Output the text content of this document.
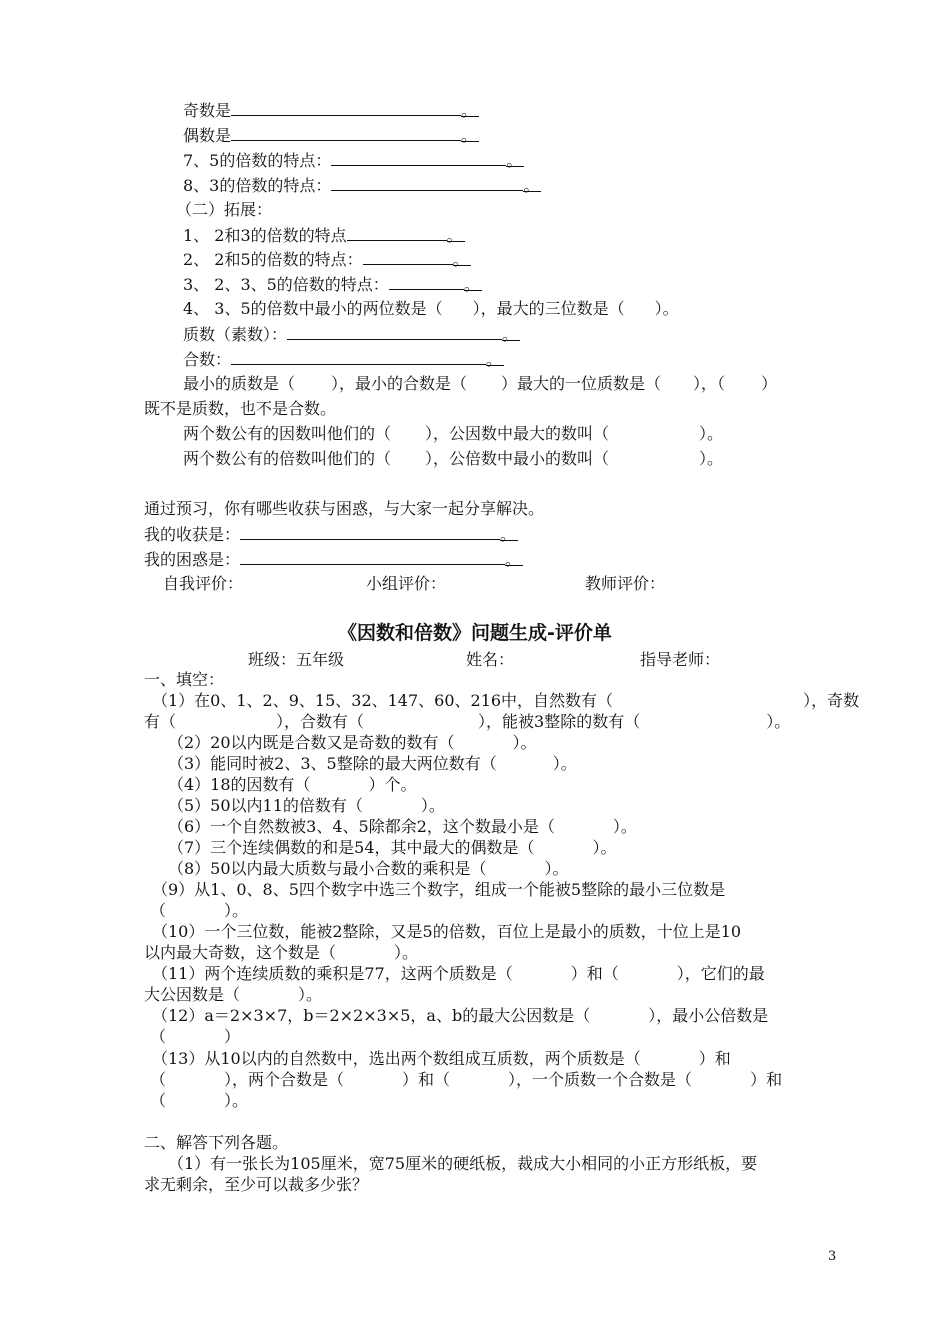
奇数是	。
偶数是	。
7、5的倍数的特点：	。
8、3的倍数的特点：	。
（二）拓展：
1、 2和3的倍数的特点	。
2、 2和5的倍数的特点：	。
3、 2、3、5的倍数的特点：	。
4、 3、5的倍数中最小的两位数是（ ），最大的三位数是（ ）。
质数（素数）：	。
合数：	。
最小的质数是（ ），最小的合数是（ ）最大的一位质数是（ ），（ ）
既不是质数，也不是合数。
两个数公有的因数叫他们的（ ），公因数中最大的数叫（	）。
两个数公有的倍数叫他们的（ ），公倍数中最小的数叫（	）。
通过预习，你有哪些收获与困惑，与大家一起分享解决。
我的收获是：	。
我的困惑是：	。
自我评价：	小组评价：	教师评价：
《因数和倍数》问题生成-评价单
班级：五年级	姓名：	指导老师：
一、填空：
（1）在0、1、2、9、15、32、147、60、216中，自然数有（	），奇数
有（	），合数有（	），能被3整除的数有（	）。
（2）20以内既是合数又是奇数的数有（	）。
（3）能同时被2、3、5整除的最大两位数有（	）。
（4）18的因数有（	）个。
（5）50以内11的倍数有（	）。
（6）一个自然数被3、4、5除都余2，这个数最小是（	）。
（7）三个连续偶数的和是54，其中最大的偶数是（	）。
（8）50以内最大质数与最小合数的乘积是（	）。
（9）从1、0、8、5四个数字中选三个数字，组成一个能被5整除的最小三位数是
（	）。
（10）一个三位数，能被2整除，又是5的倍数，百位上是最小的质数，十位上是10
以内最大奇数，这个数是（	）。
（11）两个连续质数的乘积是77，这两个质数是（	）和（	），它们的最
大公因数是（	）。
（12）a＝2×3×7，b＝2×2×3×5，a、b的最大公因数是（	），最小公倍数是
（	）
（13）从10以内的自然数中，选出两个数组成互质数，两个质数是（	）和
（	），两个合数是（	）和（	），一个质数一个合数是（	）和
（	）。
二、解答下列各题。
（1）有一张长为105厘米，宽75厘米的硬纸板，裁成大小相同的小正方形纸板，要
求无剩余，至少可以裁多少张？
3
